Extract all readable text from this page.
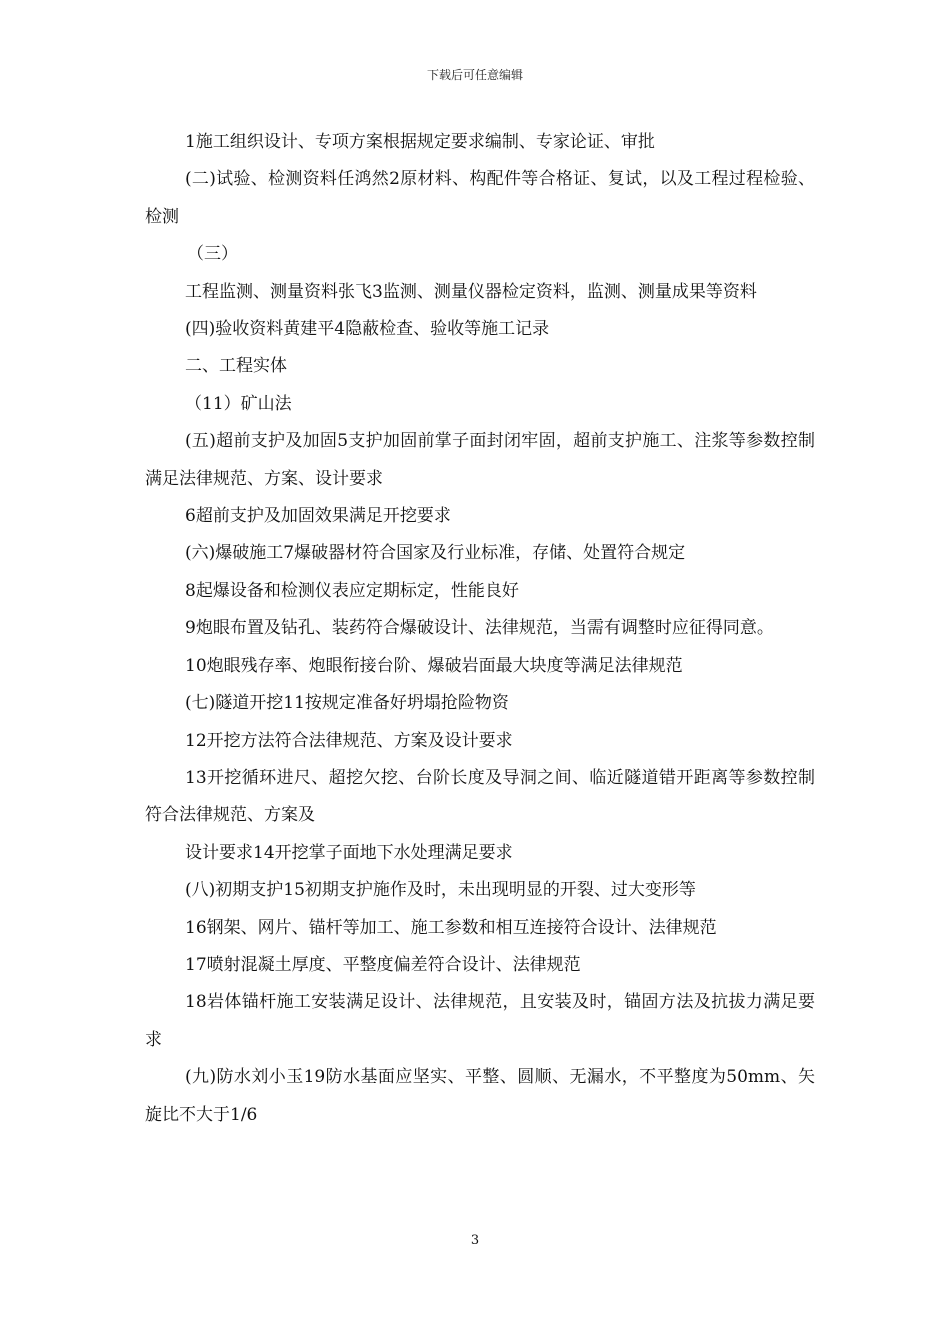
下载后可任意编辑

1施工组织设计、专项方案根据规定要求编制、专家论证、审批

(二)试验、检测资料任鸿然2原材料、构配件等合格证、复试，以及工程过程检验、检测

（三）

工程监测、测量资料张飞3监测、测量仪器检定资料，监测、测量成果等资料

(四)验收资料黄建平4隐蔽检查、验收等施工记录

二、工程实体

（11）矿山法

(五)超前支护及加固5支护加固前掌子面封闭牢固，超前支护施工、注浆等参数控制满足法律规范、方案、设计要求

6超前支护及加固效果满足开挖要求

(六)爆破施工7爆破器材符合国家及行业标准，存储、处置符合规定

8起爆设备和检测仪表应定期标定，性能良好

9炮眼布置及钻孔、装药符合爆破设计、法律规范，当需有调整时应征得同意。

10炮眼残存率、炮眼衔接台阶、爆破岩面最大块度等满足法律规范

(七)隧道开挖11按规定准备好坍塌抢险物资

12开挖方法符合法律规范、方案及设计要求

13开挖循环进尺、超挖欠挖、台阶长度及导洞之间、临近隧道错开距离等参数控制符合法律规范、方案及

设计要求14开挖掌子面地下水处理满足要求

(八)初期支护15初期支护施作及时，未出现明显的开裂、过大变形等

16钢架、网片、锚杆等加工、施工参数和相互连接符合设计、法律规范

17喷射混凝土厚度、平整度偏差符合设计、法律规范

18岩体锚杆施工安装满足设计、法律规范，且安装及时，锚固方法及抗拔力满足要求

(九)防水刘小玉19防水基面应坚实、平整、圆顺、无漏水，不平整度为50mm、矢旋比不大于1/6

3
